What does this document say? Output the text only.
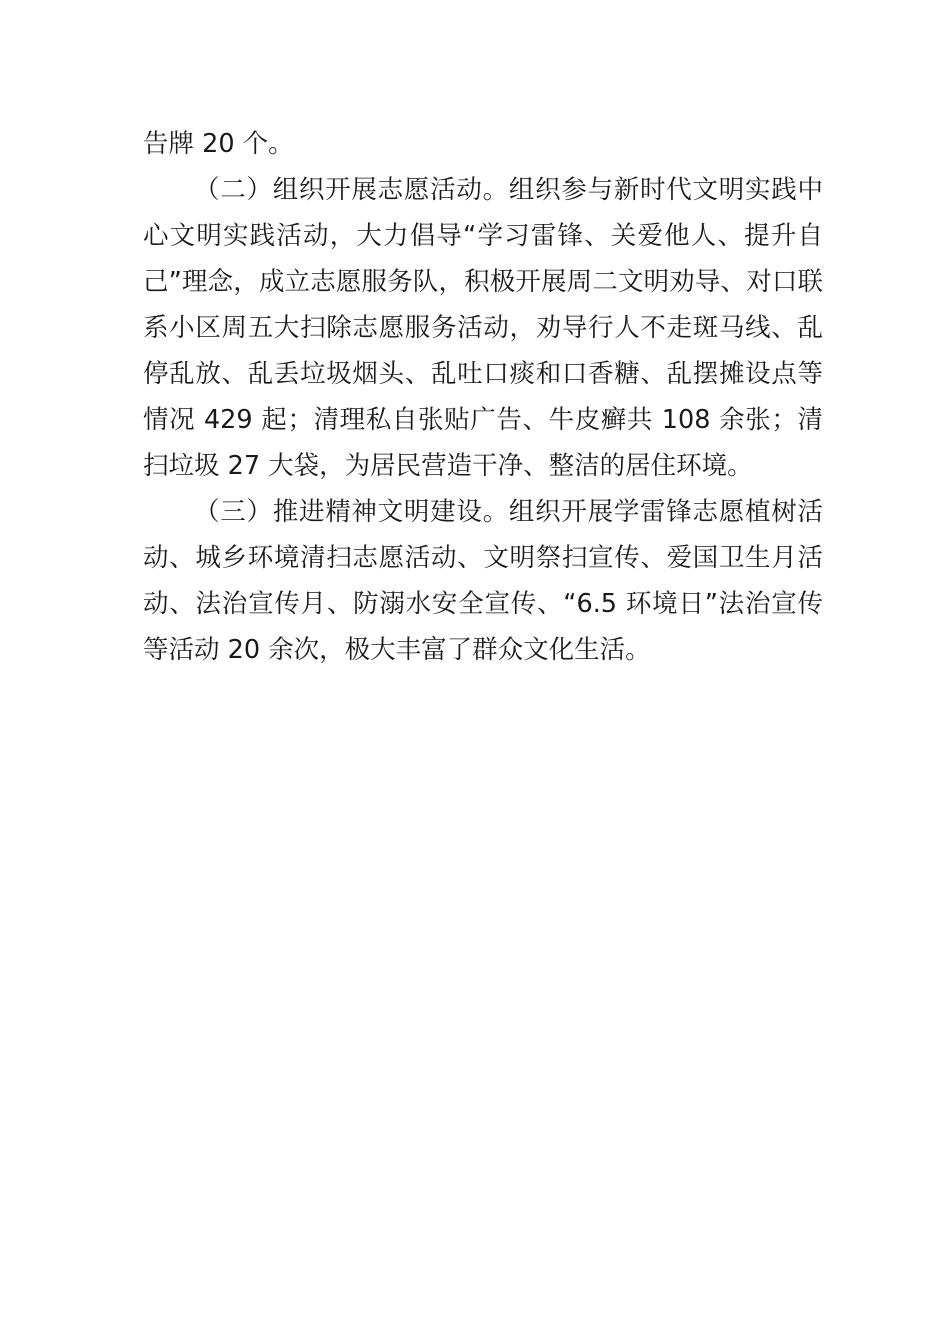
告牌 20 个。

（二）组织开展志愿活动。组织参与新时代文明实践中心文明实践活动，大力倡导“学习雷锋、关爱他人、提升自己”理念，成立志愿服务队，积极开展周二文明劝导、对口联系小区周五大扫除志愿服务活动，劝导行人不走斑马线、乱停乱放、乱丢垃圾烟头、乱吐口痰和口香糖、乱摆摊设点等情况 429 起；清理私自张贴广告、牛皮癣共 108 余张；清扫垃圾 27 大袋，为居民营造干净、整洁的居住环境。

（三）推进精神文明建设。组织开展学雷锋志愿植树活动、城乡环境清扫志愿活动、文明祭扫宣传、爱国卫生月活动、法治宣传月、防溺水安全宣传、“6.5 环境日”法治宣传等活动 20 余次，极大丰富了群众文化生活。
